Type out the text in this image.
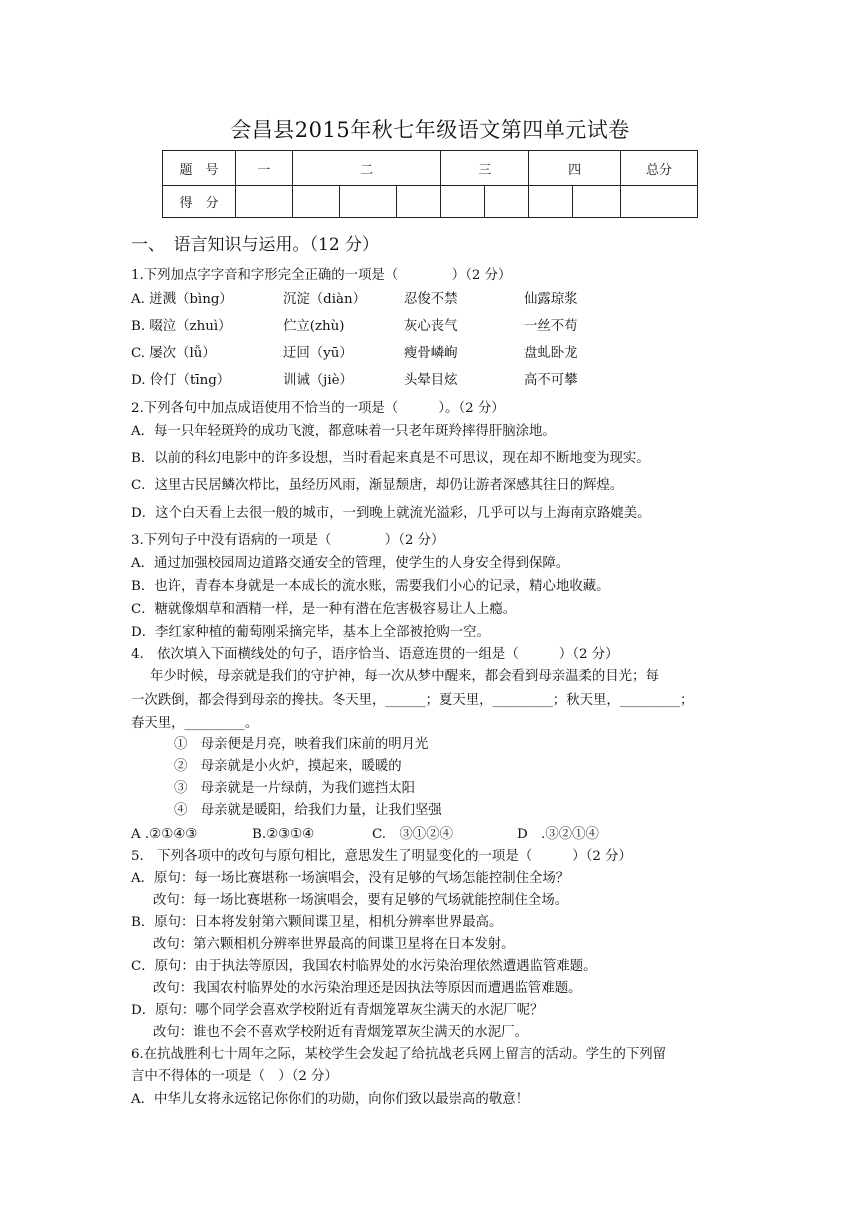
会昌县2015年秋七年级语文第四单元试卷
题　号	一	二			三		四		总分
得　分									
一、　语言知识与运用。（12 分）
1.下列加点字字音和字形完全正确的一项是（　　　　）（2 分）
A. 迸溅（bìng）	沉淀（diàn）	忍俊不禁	仙露琼浆
B. 啜泣（zhuì）	伫立(zhù)	灰心丧气	一丝不苟
C. 屡次（lǚ）	迂回（yū）	瘦骨嶙峋	盘虬卧龙
D. 伶仃（tīng）	训诫（jiè）	头晕目炫	高不可攀
2.下列各句中加点成语使用不恰当的一项是（　　　）。（2 分）
A．每一只年轻斑羚的成功飞渡，都意味着一只老年斑羚摔得肝脑涂地。
B．以前的科幻电影中的许多设想，当时看起来真是不可思议，现在却不断地变为现实。
C．这里古民居鳞次栉比，虽经历风雨，渐显颓唐，却仍让游者深感其往日的辉煌。
D．这个白天看上去很一般的城市，一到晚上就流光溢彩，几乎可以与上海南京路媲美。
3.下列句子中没有语病的一项是（　　　　）（2 分）
A．通过加强校园周边道路交通安全的管理，使学生的人身安全得到保障。
B．也许，青春本身就是一本成长的流水账，需要我们小心的记录，精心地收藏。
C．糖就像烟草和酒精一样，是一种有潜在危害极容易让人上瘾。
D．李红家种植的葡萄刚采摘完毕，基本上全部被抢购一空。
4.　依次填入下面横线处的句子，语序恰当、语意连贯的一组是（　　　）（2 分）
年少时候，母亲就是我们的守护神，每一次从梦中醒来，都会看到母亲温柔的目光；每
一次跌倒，都会得到母亲的搀扶。冬天里，______；夏天里，_________；秋天里，_________；
春天里，_________。
①　母亲便是月亮，映着我们床前的明月光
②　母亲就是小火炉，摸起来，暖暖的
③　母亲就是一片绿荫，为我们遮挡太阳
④　母亲就是暖阳，给我们力量，让我们坚强
A .②①④③	B.②③①④	C.　③①②④	D　.③②①④
5.　下列各项中的改句与原句相比，意思发生了明显变化的一项是（　　　）（2 分）
A．原句：每一场比赛堪称一场演唱会，没有足够的气场怎能控制住全场？
改句：每一场比赛堪称一场演唱会，要有足够的气场就能控制住全场。
B．原句：日本将发射第六颗间谍卫星，相机分辨率世界最高。
改句：第六颗相机分辨率世界最高的间谍卫星将在日本发射。
C．原句：由于执法等原因，我国农村临界处的水污染治理依然遭遇监管难题。
改句：我国农村临界处的水污染治理还是因执法等原因而遭遇监管难题。
D．原句：哪个同学会喜欢学校附近有青烟笼罩灰尘满天的水泥厂呢？
改句：谁也不会不喜欢学校附近有青烟笼罩灰尘满天的水泥厂。
6.在抗战胜利七十周年之际，某校学生会发起了给抗战老兵网上留言的活动。学生的下列留
言中不得体的一项是（　）（2 分）
A．中华儿女将永远铭记你你们的功勋，向你们致以最崇高的敬意！
